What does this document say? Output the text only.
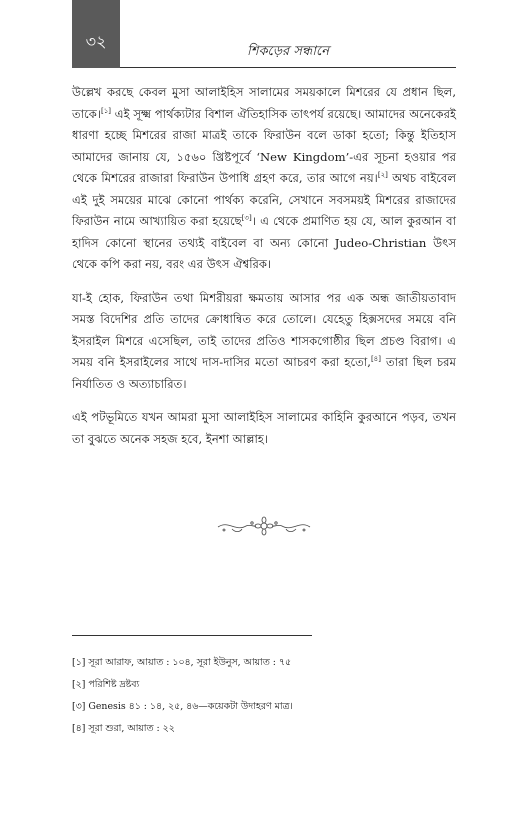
৩২
শিকড়ের সন্ধানে

উল্লেখ করছে কেবল মুসা আলাইহিস সালামের সময়কালে মিশরের যে প্রধান ছিল, তাকে।[১] এই সূক্ষ্ম পার্থক্যটার বিশাল ঐতিহাসিক তাৎপর্য রয়েছে। আমাদের অনেকেরই ধারণা হচ্ছে মিশরের রাজা মাত্রই তাকে ফিরাউন বলে ডাকা হতো; কিন্তু ইতিহাস আমাদের জানায় যে, ১৫৬০ খ্রিষ্টপূর্বে ‘New Kingdom’-এর সূচনা হওয়ার পর থেকে মিশরের রাজারা ফিরাউন উপাধি গ্রহণ করে, তার আগে নয়।[২] অথচ বাইবেল এই দুই সময়ের মাঝে কোনো পার্থক্য করেনি, সেখানে সবসময়ই মিশরের রাজাদের ফিরাউন নামে আখ্যায়িত করা হয়েছে[৩]। এ থেকে প্রমাণিত হয় যে, আল কুরআন বা হাদিস কোনো স্থানের তথ্যই বাইবেল বা অন্য কোনো Judeo-Christian উৎস থেকে কপি করা নয়, বরং এর উৎস ঐশ্বরিক।

যা-ই হোক, ফিরাউন তথা মিশরীয়রা ক্ষমতায় আসার পর এক অন্ধ জাতীয়তাবাদ সমস্ত বিদেশির প্রতি তাদের ক্রোধান্বিত করে তোলে। যেহেতু হিক্সসদের সময়ে বনি ইসরাইল মিশরে এসেছিল, তাই তাদের প্রতিও শাসকগোষ্ঠীর ছিল প্রচণ্ড বিরাগ। এ সময় বনি ইসরাইলের সাথে দাস-দাসির মতো আচরণ করা হতো,[৪] তারা ছিল চরম নির্যাতিত ও অত্যাচারিত।

এই পটভূমিতে যখন আমরা মুসা আলাইহিস সালামের কাহিনি কুরআনে পড়ব, তখন তা বুঝতে অনেক সহজ হবে, ইনশা আল্লাহ।

[১] সূরা আরাফ, আয়াত : ১০৪, সূরা ইউনুস, আয়াত : ৭৫
[২] পরিশিষ্ট দ্রষ্টব্য
[৩] Genesis ৪১ : ১৪, ২৫, ৪৬—কয়েকটা উদাহরণ মাত্র।
[৪] সূরা শুরা, আয়াত : ২২
